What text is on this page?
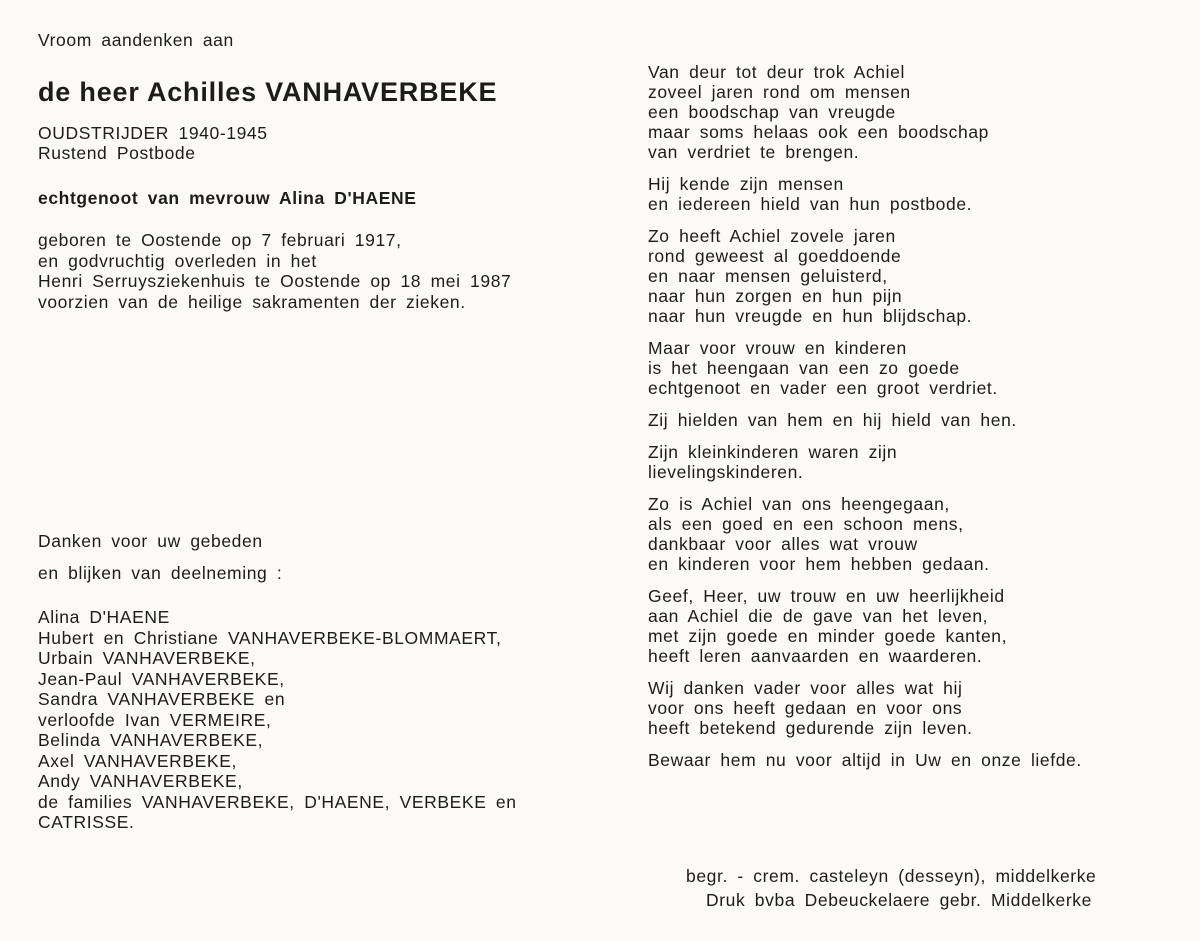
Vroom aandenken aan
de heer Achilles VANHAVERBEKE
OUDSTRIJDER 1940-1945
Rustend Postbode
echtgenoot van mevrouw Alina D'HAENE
geboren te Oostende op 7 februari 1917,
en godvruchtig overleden in het
Henri Serruysziekenhuis te Oostende op 18 mei 1987
voorzien van de heilige sakramenten der zieken.
Danken voor uw gebeden
en blijken van deelneming :
Alina D'HAENE
Hubert en Christiane VANHAVERBEKE-BLOMMAERT,
Urbain VANHAVERBEKE,
Jean-Paul VANHAVERBEKE,
Sandra VANHAVERBEKE en
verloofde Ivan VERMEIRE,
Belinda VANHAVERBEKE,
Axel VANHAVERBEKE,
Andy VANHAVERBEKE,
de families VANHAVERBEKE, D'HAENE, VERBEKE en
CATRISSE.
Van deur tot deur trok Achiel
zoveel jaren rond om mensen
een boodschap van vreugde
maar soms helaas ook een boodschap
van verdriet te brengen.
Hij kende zijn mensen
en iedereen hield van hun postbode.
Zo heeft Achiel zovele jaren
rond geweest al goeddoende
en naar mensen geluisterd,
naar hun zorgen en hun pijn
naar hun vreugde en hun blijdschap.
Maar voor vrouw en kinderen
is het heengaan van een zo goede
echtgenoot en vader een groot verdriet.
Zij hielden van hem en hij hield van hen.
Zijn kleinkinderen waren zijn
lievelingskinderen.
Zo is Achiel van ons heengegaan,
als een goed en een schoon mens,
dankbaar voor alles wat vrouw
en kinderen voor hem hebben gedaan.
Geef, Heer, uw trouw en uw heerlijkheid
aan Achiel die de gave van het leven,
met zijn goede en minder goede kanten,
heeft leren aanvaarden en waarderen.
Wij danken vader voor alles wat hij
voor ons heeft gedaan en voor ons
heeft betekend gedurende zijn leven.
Bewaar hem nu voor altijd in Uw en onze liefde.
begr. - crem. casteleyn (desseyn), middelkerke
Druk bvba Debeuckelaere gebr. Middelkerke
